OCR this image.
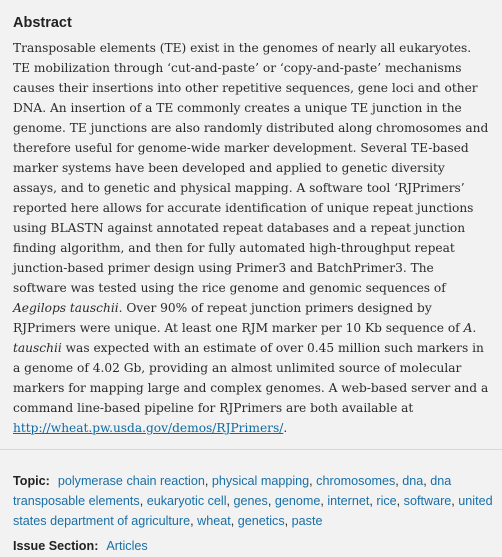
Abstract

Transposable elements (TE) exist in the genomes of nearly all eukaryotes. TE mobilization through ‘cut-and-paste’ or ‘copy-and-paste’ mechanisms causes their insertions into other repetitive sequences, gene loci and other DNA. An insertion of a TE commonly creates a unique TE junction in the genome. TE junctions are also randomly distributed along chromosomes and therefore useful for genome-wide marker development. Several TE-based marker systems have been developed and applied to genetic diversity assays, and to genetic and physical mapping. A software tool ‘RJPrimers’ reported here allows for accurate identification of unique repeat junctions using BLASTN against annotated repeat databases and a repeat junction finding algorithm, and then for fully automated high-throughput repeat junction-based primer design using Primer3 and BatchPrimer3. The software was tested using the rice genome and genomic sequences of Aegilops tauschii. Over 90% of repeat junction primers designed by RJPrimers were unique. At least one RJM marker per 10 Kb sequence of A. tauschii was expected with an estimate of over 0.45 million such markers in a genome of 4.02 Gb, providing an almost unlimited source of molecular markers for mapping large and complex genomes. A web-based server and a command line-based pipeline for RJPrimers are both available at http://wheat.pw.usda.gov/demos/RJPrimers/.

Topic: polymerase chain reaction, physical mapping, chromosomes, dna, dna transposable elements, eukaryotic cell, genes, genome, internet, rice, software, united states department of agriculture, wheat, genetics, paste
Issue Section: Articles
